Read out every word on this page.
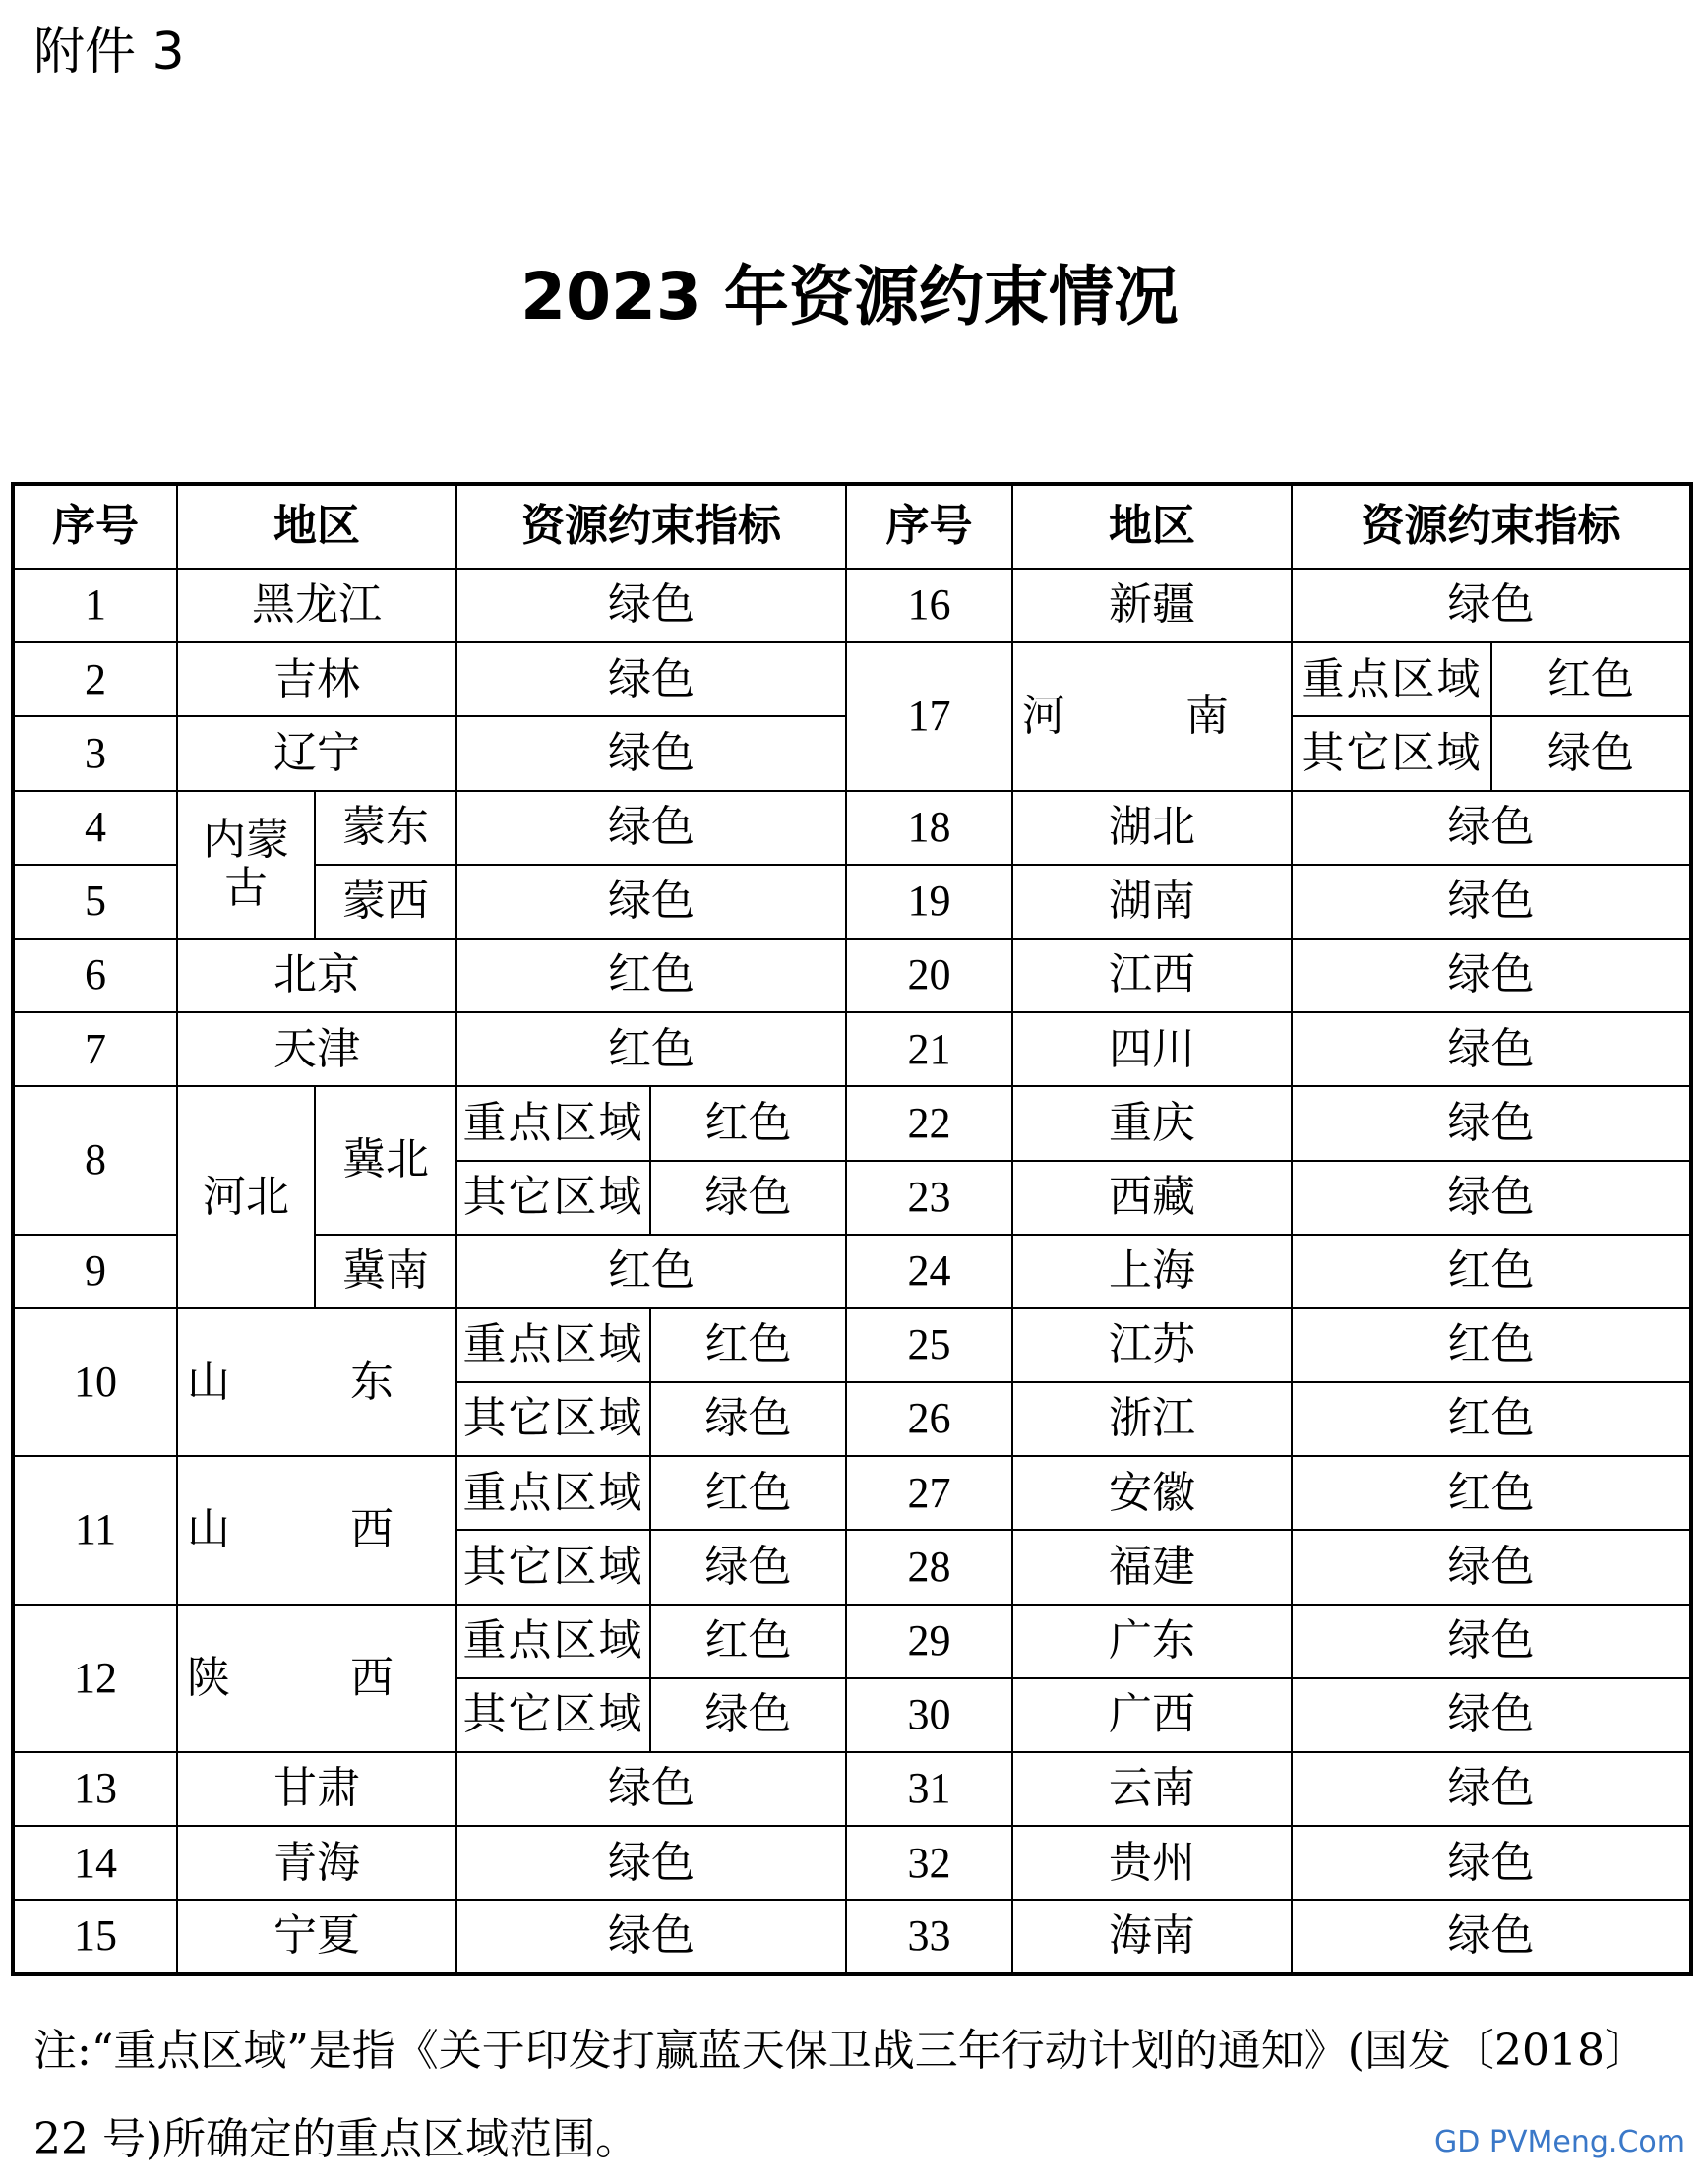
附件 3
2023 年资源约束情况
序号	地区		资源约束指标		序号	地区	资源约束指标	
1	黑龙江		绿色		16	新疆	绿色	
2	吉林		绿色		17	河 南	重点区域	红色
3	辽宁		绿色				其它区域	绿色
4	内蒙古	蒙东	绿色		18	湖北	绿色	
5		蒙西	绿色		19	湖南	绿色	
6	北京		红色		20	江西	绿色	
7	天津		红色		21	四川	绿色	
8	河北	冀北	重点区域	红色	22	重庆	绿色	
			其它区域	绿色	23	西藏	绿色	
9		冀南	红色		24	上海	红色	
10	山 东		重点区域	红色	25	江苏	红色	
			其它区域	绿色	26	浙江	红色	
11	山 西		重点区域	红色	27	安徽	红色	
			其它区域	绿色	28	福建	绿色	
12	陕 西		重点区域	红色	29	广东	绿色	
			其它区域	绿色	30	广西	绿色	
13	甘肃		绿色		31	云南	绿色	
14	青海		绿色		32	贵州	绿色	
15	宁夏		绿色		33	海南	绿色	
注:“重点区域”是指《关于印发打赢蓝天保卫战三年行动计划的通知》(国发〔2018〕
22 号)所确定的重点区域范围。	GD PVMeng.Com
